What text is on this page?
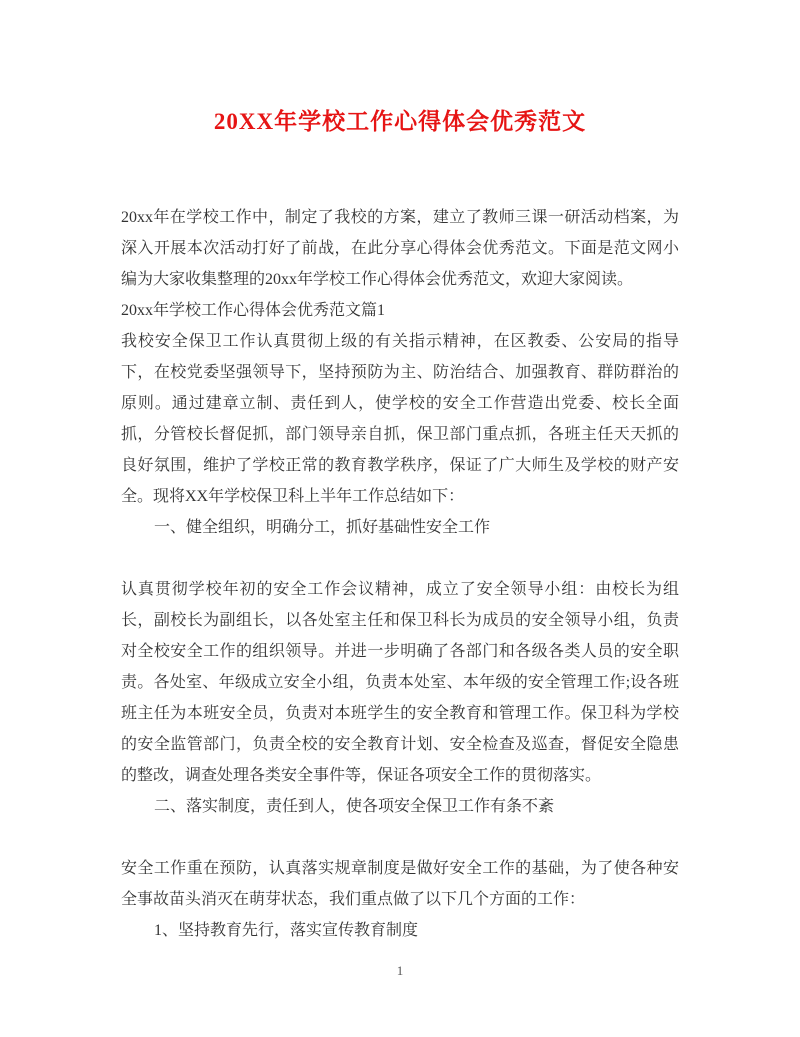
20XX年学校工作心得体会优秀范文

20xx年在学校工作中，制定了我校的方案，建立了教师三课一研活动档案，为深入开展本次活动打好了前战，在此分享心得体会优秀范文。下面是范文网小编为大家收集整理的20xx年学校工作心得体会优秀范文，欢迎大家阅读。

20xx年学校工作心得体会优秀范文篇1

我校安全保卫工作认真贯彻上级的有关指示精神，在区教委、公安局的指导下，在校党委坚强领导下，坚持预防为主、防治结合、加强教育、群防群治的原则。通过建章立制、责任到人，使学校的安全工作营造出党委、校长全面抓，分管校长督促抓，部门领导亲自抓，保卫部门重点抓，各班主任天天抓的良好氛围，维护了学校正常的教育教学秩序，保证了广大师生及学校的财产安全。现将XX年学校保卫科上半年工作总结如下：

一、健全组织，明确分工，抓好基础性安全工作

认真贯彻学校年初的安全工作会议精神，成立了安全领导小组：由校长为组长，副校长为副组长，以各处室主任和保卫科长为成员的安全领导小组，负责对全校安全工作的组织领导。并进一步明确了各部门和各级各类人员的安全职责。各处室、年级成立安全小组，负责本处室、本年级的安全管理工作;设各班班主任为本班安全员，负责对本班学生的安全教育和管理工作。保卫科为学校的安全监管部门，负责全校的安全教育计划、安全检查及巡查，督促安全隐患的整改，调查处理各类安全事件等，保证各项安全工作的贯彻落实。

二、落实制度，责任到人，使各项安全保卫工作有条不紊

安全工作重在预防，认真落实规章制度是做好安全工作的基础，为了使各种安全事故苗头消灭在萌芽状态，我们重点做了以下几个方面的工作：

1、坚持教育先行，落实宣传教育制度

1
